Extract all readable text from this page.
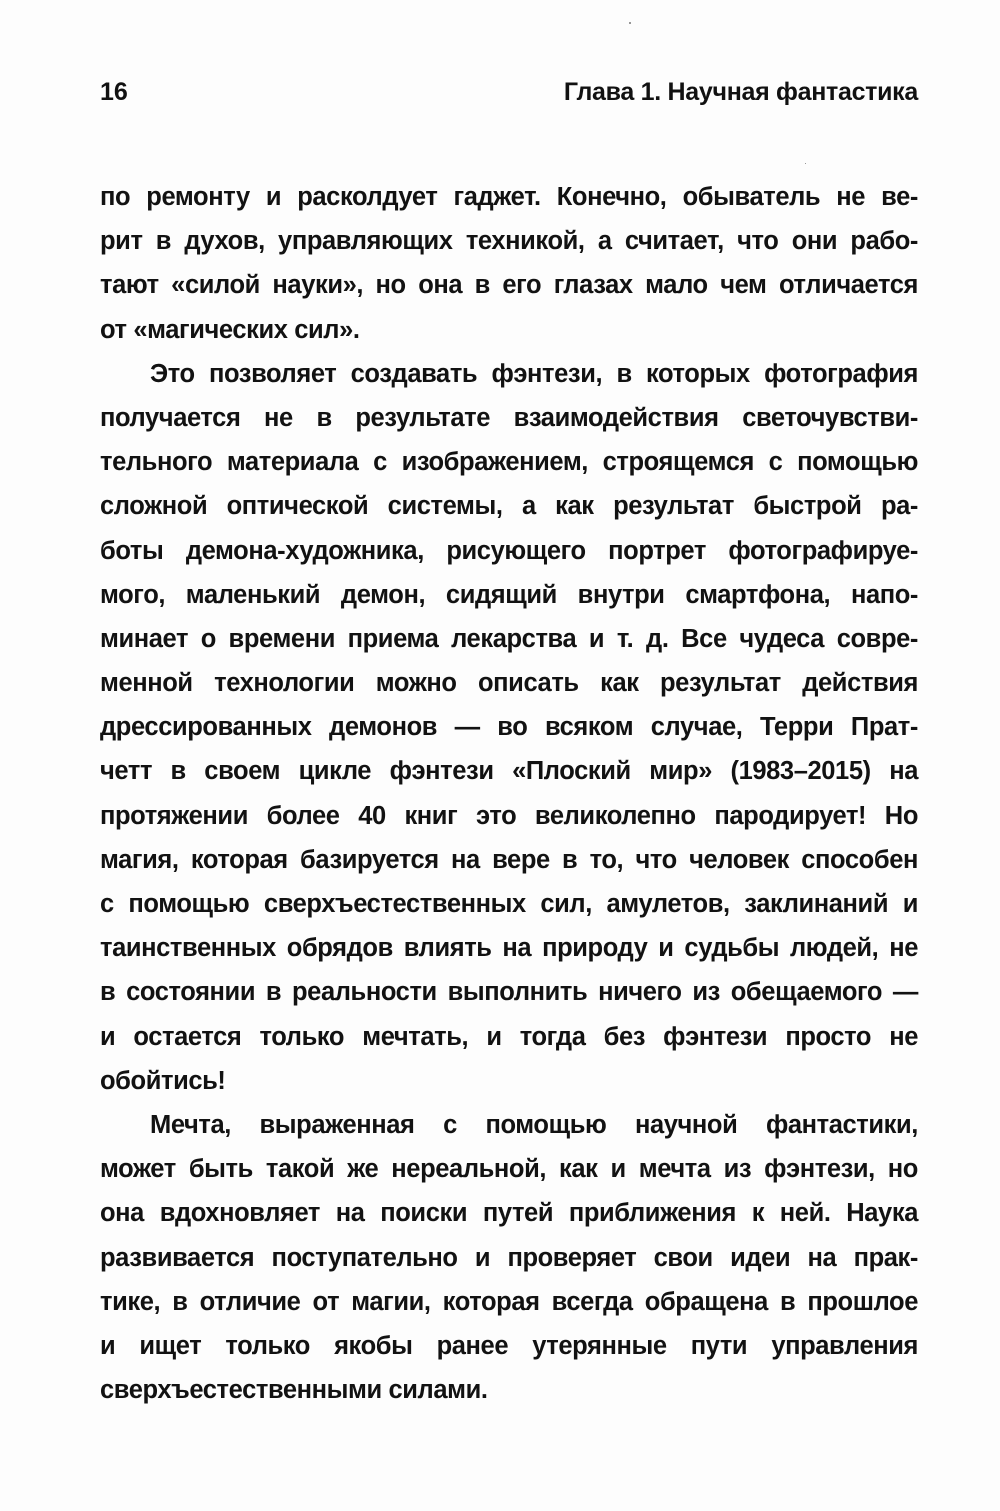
16	Глава 1. Научная фантастика
по ремонту и расколдует гаджет. Конечно, обыватель не ве-
рит в духов, управляющих техникой, а считает, что они рабо-
тают «силой науки», но она в его глазах мало чем отличается
от «магических сил».
Это позволяет создавать фэнтези, в которых фотография
получается не в результате взаимодействия светочувстви-
тельного материала с изображением, строящемся с помощью
сложной оптической системы, а как результат быстрой ра-
боты демона-художника, рисующего портрет фотографируе-
мого, маленький демон, сидящий внутри смартфона, напо-
минает о времени приема лекарства и т. д. Все чудеса совре-
менной технологии можно описать как результат действия
дрессированных демонов — во всяком случае, Терри Прат-
четт в своем цикле фэнтези «Плоский мир» (1983–2015) на
протяжении более 40 книг это великолепно пародирует! Но
магия, которая базируется на вере в то, что человек способен
с помощью сверхъестественных сил, амулетов, заклинаний и
таинственных обрядов влиять на природу и судьбы людей, не
в состоянии в реальности выполнить ничего из обещаемого —
и остается только мечтать, и тогда без фэнтези просто не
обойтись!
Мечта, выраженная с помощью научной фантастики,
может быть такой же нереальной, как и мечта из фэнтези, но
она вдохновляет на поиски путей приближения к ней. Наука
развивается поступательно и проверяет свои идеи на прак-
тике, в отличие от магии, которая всегда обращена в прошлое
и ищет только якобы ранее утерянные пути управления
сверхъестественными силами.
